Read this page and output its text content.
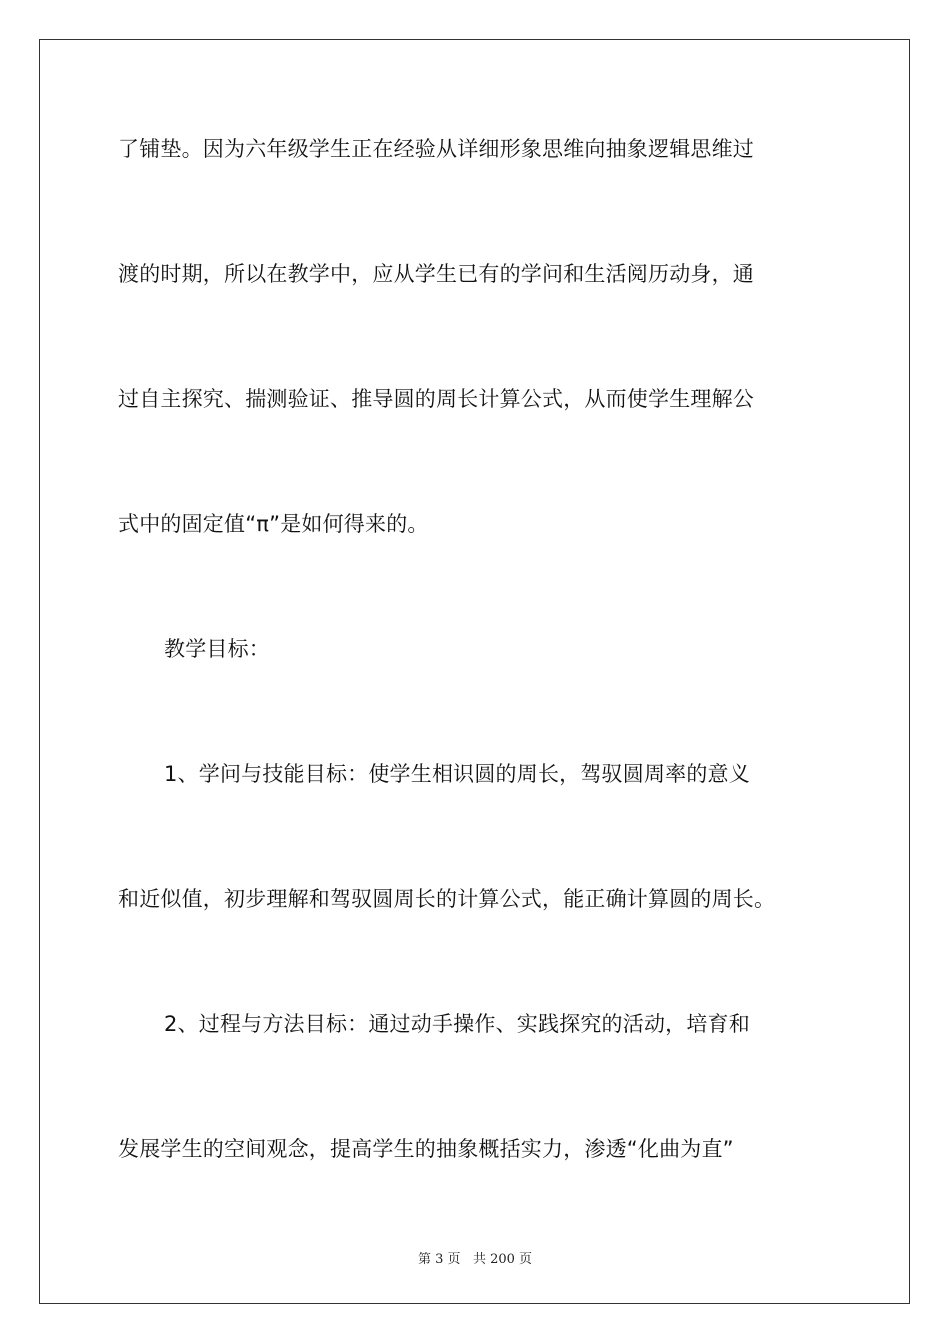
了铺垫。因为六年级学生正在经验从详细形象思维向抽象逻辑思维过
渡的时期，所以在教学中，应从学生已有的学问和生活阅历动身，通
过自主探究、揣测验证、推导圆的周长计算公式，从而使学生理解公
式中的固定值“π”是如何得来的。
教学目标：
1、学问与技能目标：使学生相识圆的周长，驾驭圆周率的意义
和近似值，初步理解和驾驭圆周长的计算公式，能正确计算圆的周长。
2、过程与方法目标：通过动手操作、实践探究的活动，培育和
发展学生的空间观念，提高学生的抽象概括实力，渗透“化曲为直”
第 3 页 共 200 页
